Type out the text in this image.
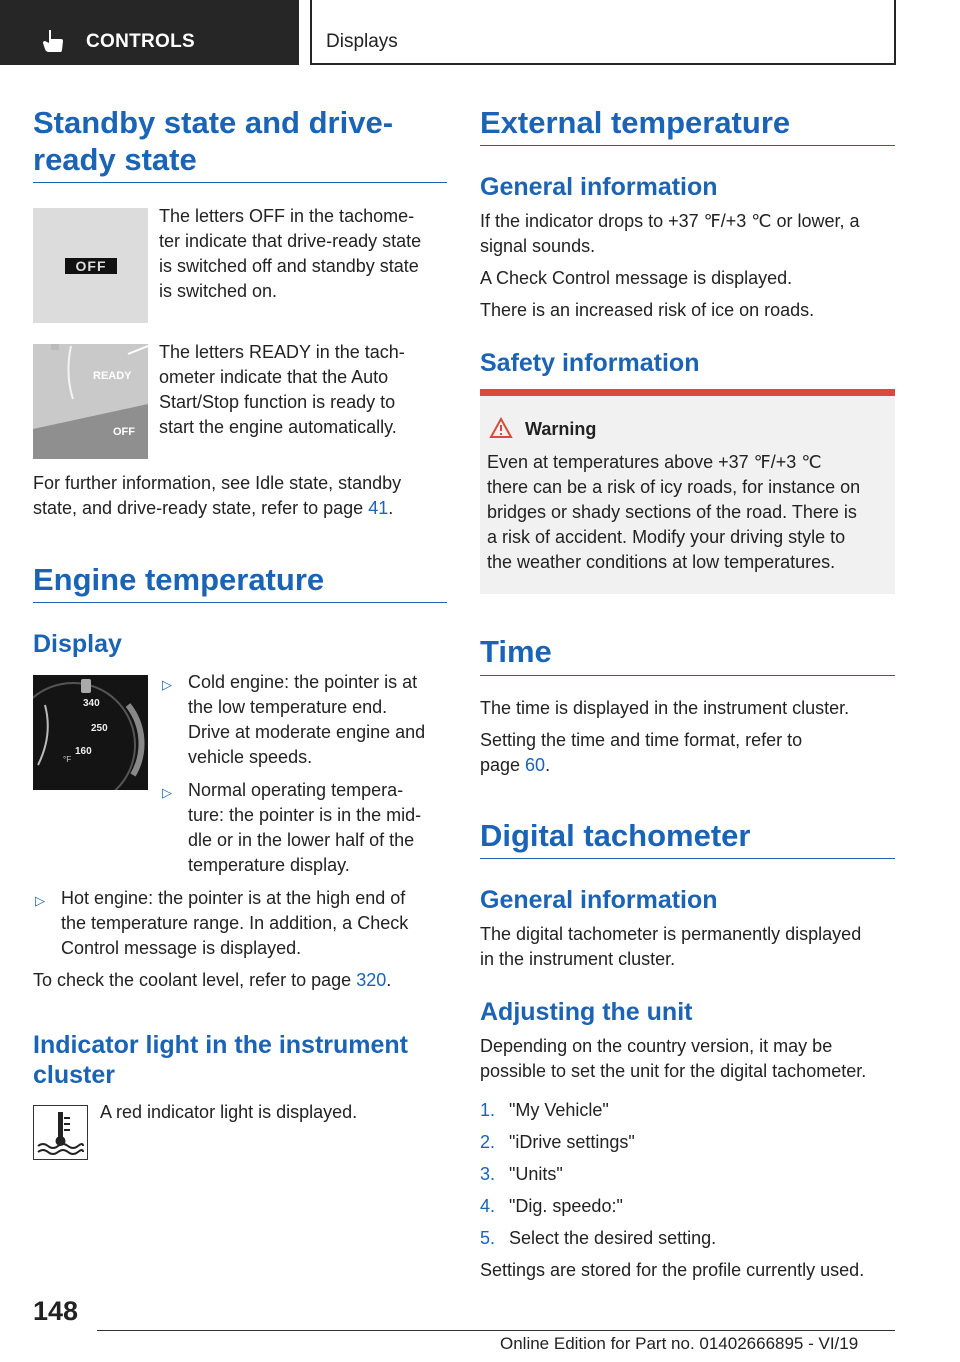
CONTROLS	Displays
Standby state and drive-
ready state
OFF
The letters OFF in the tachome‐
ter indicate that drive-ready state
is switched off and standby state
is switched on.
READY
OFF
The letters READY in the tach‐
ometer indicate that the Auto
Start/Stop function is ready to
start the engine automatically.
For further information, see Idle state, standby
state, and drive-ready state, refer to page 41.
Engine temperature
Display
340
250
160
°F
▷ Cold engine: the pointer is at
the low temperature end.
Drive at moderate engine and
vehicle speeds.
▷ Normal operating tempera‐
ture: the pointer is in the mid‐
dle or in the lower half of the
temperature display.
▷ Hot engine: the pointer is at the high end of
the temperature range. In addition, a Check
Control message is displayed.
To check the coolant level, refer to page 320.
Indicator light in the instrument
cluster
A red indicator light is displayed.
External temperature
General information
If the indicator drops to +37 ℉/+3 ℃ or lower, a
signal sounds.
A Check Control message is displayed.
There is an increased risk of ice on roads.
Safety information
Warning
Even at temperatures above +37 ℉/+3 ℃
there can be a risk of icy roads, for instance on
bridges or shady sections of the road. There is
a risk of accident. Modify your driving style to
the weather conditions at low temperatures.
Time
The time is displayed in the instrument cluster.
Setting the time and time format, refer to
page 60.
Digital tachometer
General information
The digital tachometer is permanently displayed
in the instrument cluster.
Adjusting the unit
Depending on the country version, it may be
possible to set the unit for the digital tachometer.
1. "My Vehicle"
2. "iDrive settings"
3. "Units"
4. "Dig. speedo:"
5. Select the desired setting.
Settings are stored for the profile currently used.
148
Online Edition for Part no. 01402666895 - VI/19
